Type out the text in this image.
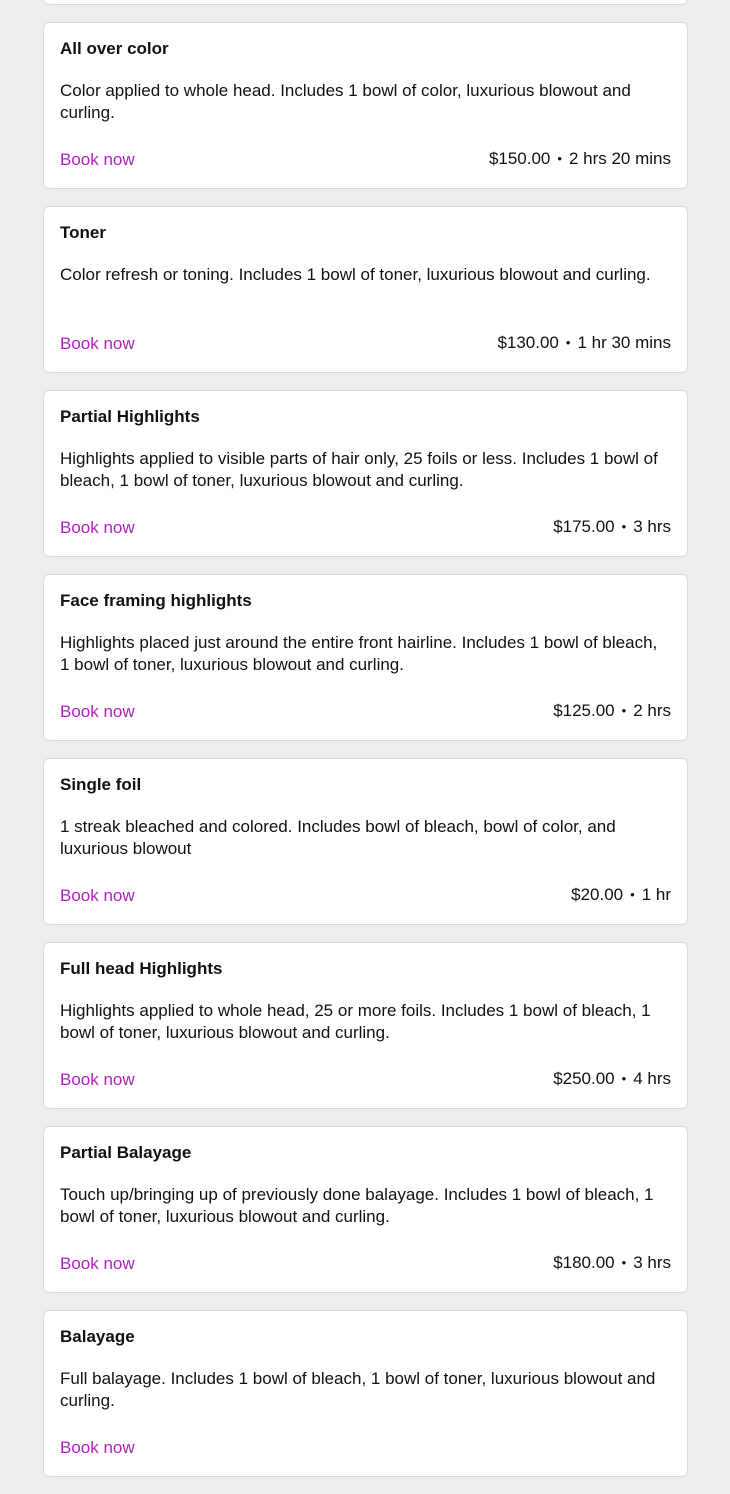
All over color

Color applied to whole head. Includes 1 bowl of color, luxurious blowout and curling.

Book now	$150.00 • 2 hrs 20 mins
Toner

Color refresh or toning. Includes 1 bowl of toner, luxurious blowout and curling.

Book now	$130.00 • 1 hr 30 mins
Partial Highlights

Highlights applied to visible parts of hair only, 25 foils or less. Includes 1 bowl of bleach, 1 bowl of toner, luxurious blowout and curling.

Book now	$175.00 • 3 hrs
Face framing highlights

Highlights placed just around the entire front hairline. Includes 1 bowl of bleach, 1 bowl of toner, luxurious blowout and curling.

Book now	$125.00 • 2 hrs
Single foil

1 streak bleached and colored. Includes bowl of bleach, bowl of color, and luxurious blowout

Book now	$20.00 • 1 hr
Full head Highlights

Highlights applied to whole head, 25 or more foils. Includes 1 bowl of bleach, 1 bowl of toner, luxurious blowout and curling.

Book now	$250.00 • 4 hrs
Partial Balayage

Touch up/bringing up of previously done balayage. Includes 1 bowl of bleach, 1 bowl of toner, luxurious blowout and curling.

Book now	$180.00 • 3 hrs
Balayage

Full balayage. Includes 1 bowl of bleach, 1 bowl of toner, luxurious blowout and curling.

Book now
